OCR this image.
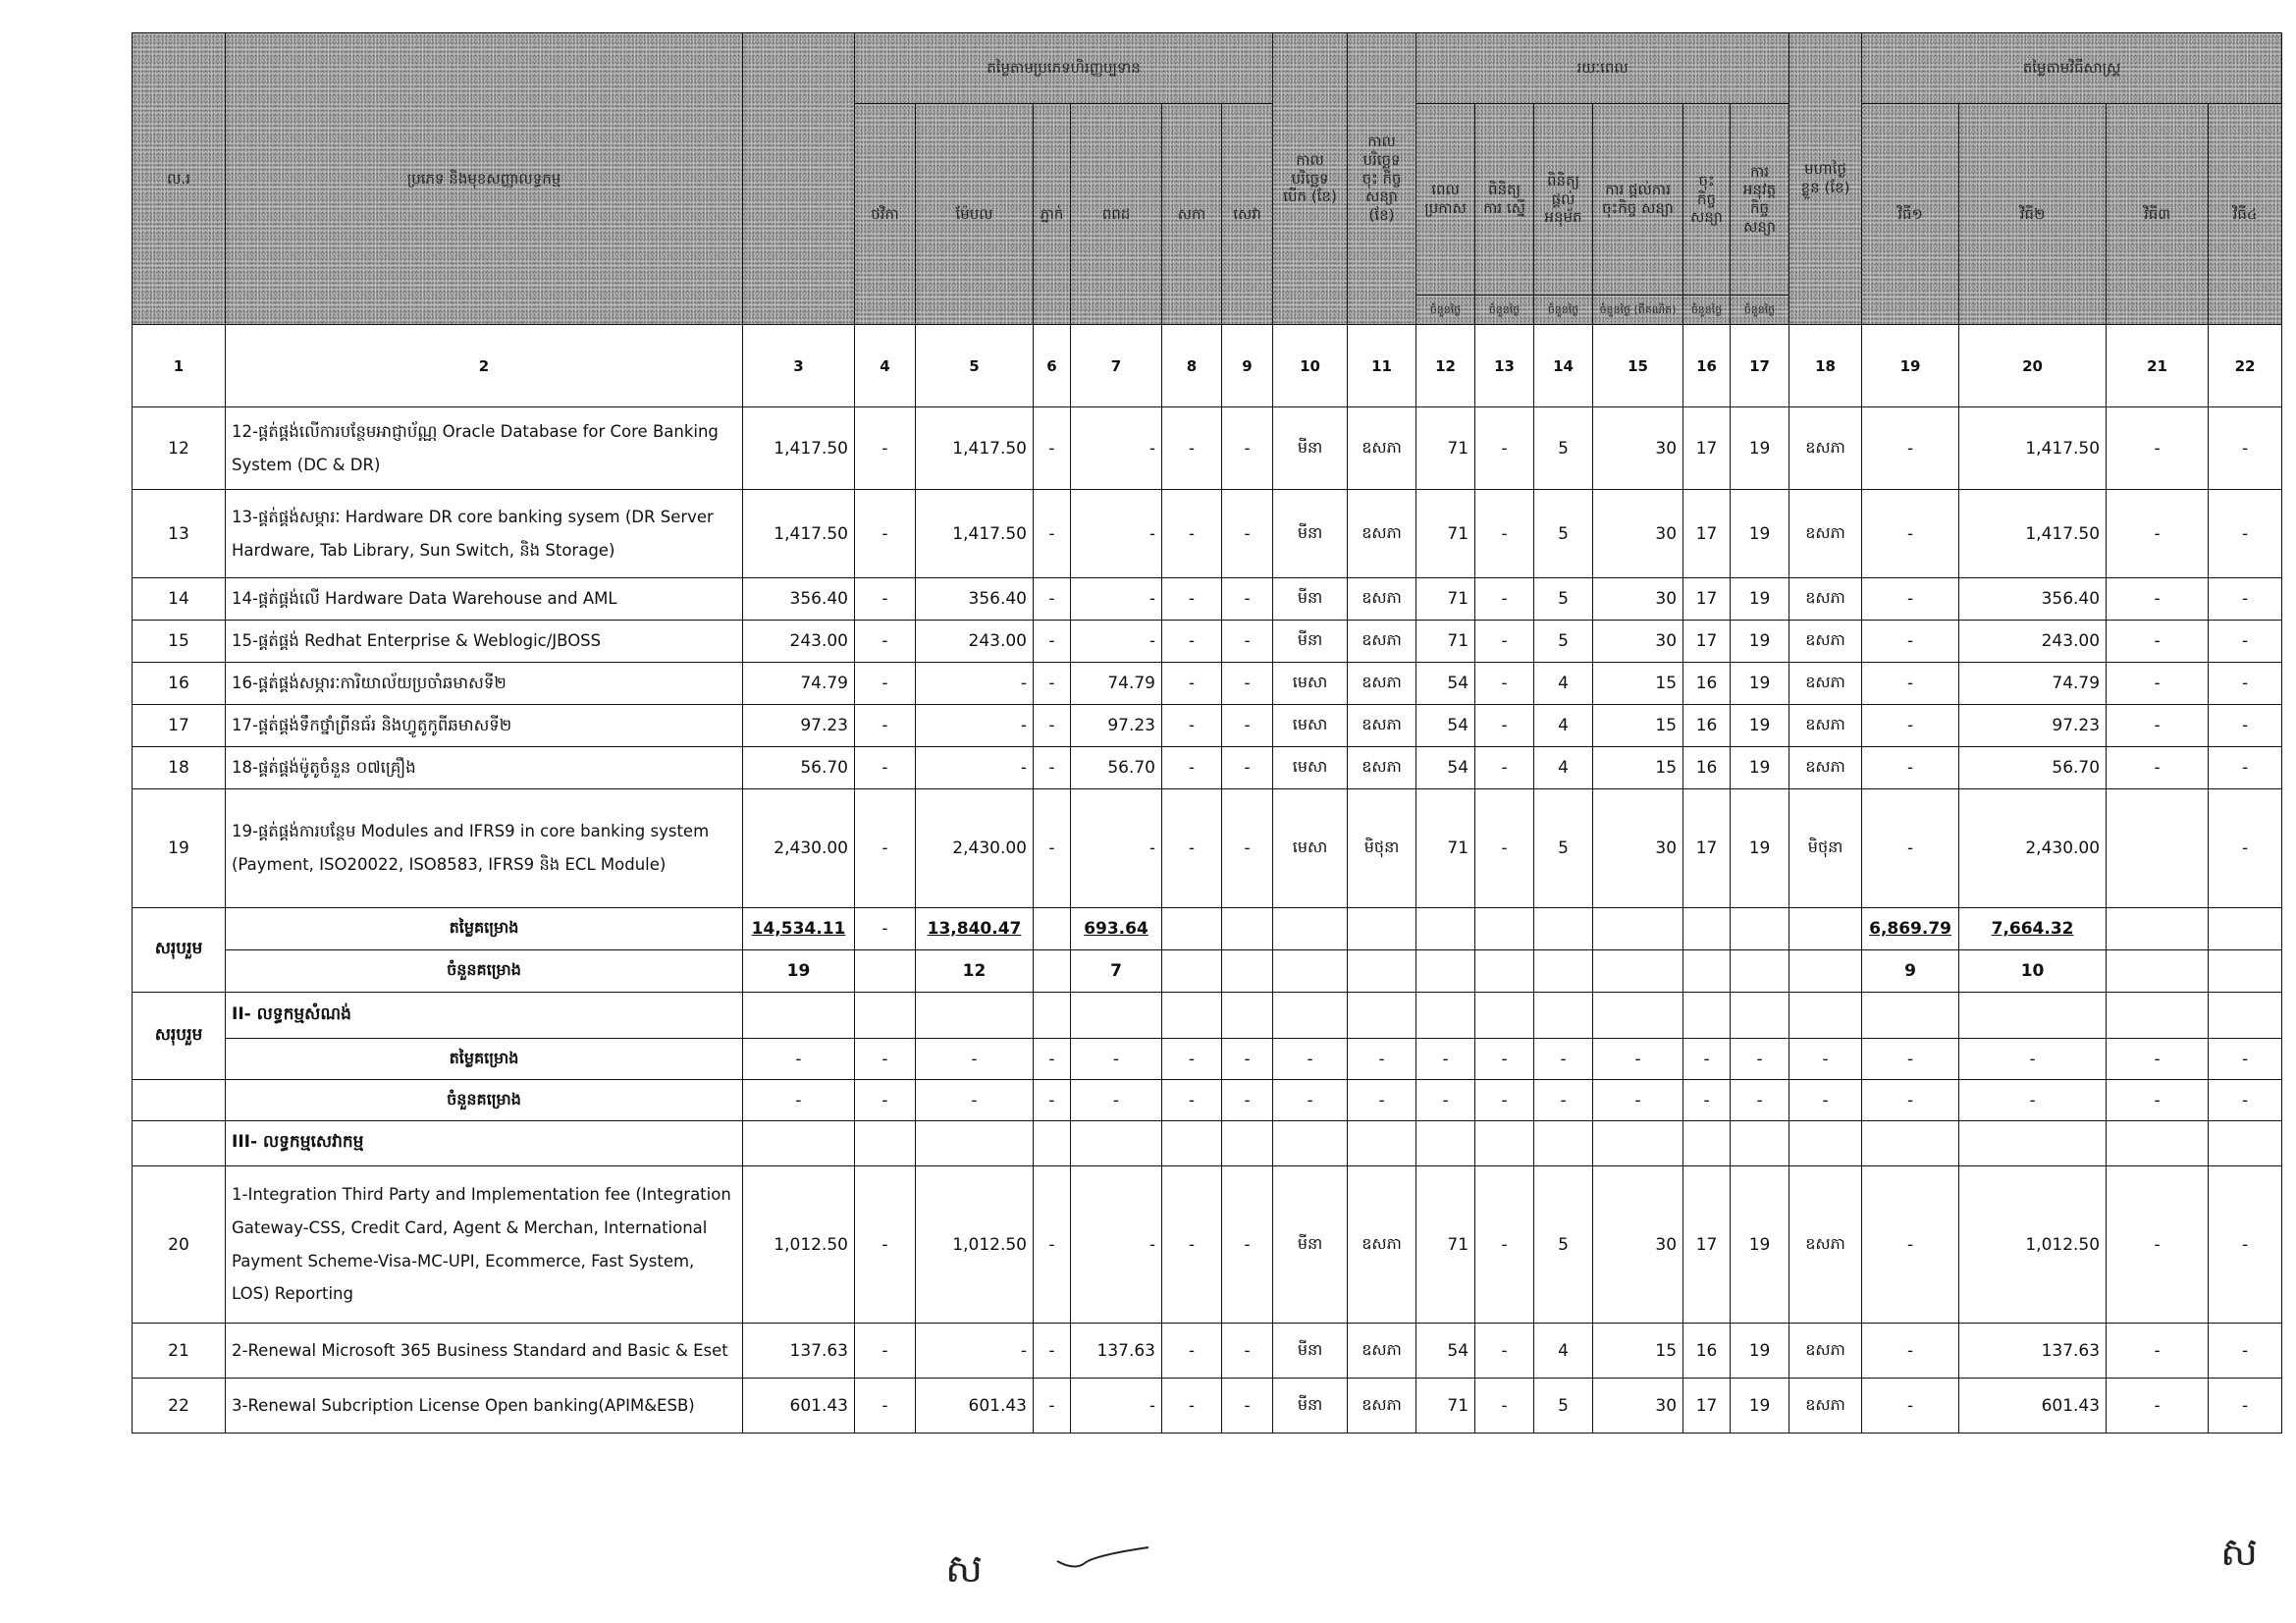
ល.រ	ប្រភេទ និងមុខសញ្ញាលទ្ធកម្ម		តម្លៃតាមប្រភេទហិរញ្ញប្បទាន						កាល បរិច្ឆេទ បើក (ខែ)	កាល បរិច្ឆេទ ចុះ កិច្ច សន្យា (ខែ)	រយៈពេល						មហាថ្ងៃ ខ្លួន (ខែ)	តម្លៃតាមវិធីសាស្ត្រ			
			ថវិកា	ម៉ែបល	ភ្នាក់	ពពដ	សកា	សេវា			ពេល ប្រកាស	ពិនិត្យ ការ ស្នើ	ពិនិត្យ ផ្តល់ អនុម័ត	ការ ផ្តល់ការ ចុះកិច្ច សន្យា	ចុះ កិច្ច សន្យា	ការ អនុវត្ត កិច្ច សន្យា		វិធី១	វិធី២	វិធី៣	វិធី៤
											ចំនួនថ្ងៃ	ចំនួនថ្ងៃ	ចំនួនថ្ងៃ	ចំនួនថ្ងៃ (ពីគណិត)	ចំនួនថ្ងៃ	ចំនួនថ្ងៃ					
1	2	3	4	5	6	7	8	9	10	11	12	13	14	15	16	17	18	19	20	21	22
12	12-ផ្គត់ផ្គង់លើការបន្ថែមអាជ្ញាប័ណ្ណ Oracle Database for Core Banking System (DC & DR)	1,417.50	-	1,417.50	-	-	-	-	មីនា	ឧសភា	71	-	5	30	17	19	ឧសភា	-	1,417.50	-	-
13	13-ផ្គត់ផ្គង់សម្ភារៈ Hardware DR core banking sysem (DR Server Hardware, Tab Library, Sun Switch, និង Storage)	1,417.50	-	1,417.50	-	-	-	-	មីនា	ឧសភា	71	-	5	30	17	19	ឧសភា	-	1,417.50	-	-
14	14-ផ្គត់ផ្គង់លើ Hardware Data Warehouse and AML	356.40	-	356.40	-	-	-	-	មីនា	ឧសភា	71	-	5	30	17	19	ឧសភា	-	356.40	-	-
15	15-ផ្គត់ផ្គង់ Redhat Enterprise & Weblogic/JBOSS	243.00	-	243.00	-	-	-	-	មីនា	ឧសភា	71	-	5	30	17	19	ឧសភា	-	243.00	-	-
16	16-ផ្គត់ផ្គង់សម្ភារៈការិយាល័យប្រចាំឆមាសទី២	74.79	-	-	-	74.79	-	-	មេសា	ឧសភា	54	-	4	15	16	19	ឧសភា	-	74.79	-	-
17	17-ផ្គត់ផ្គង់ទឹកថ្នាំព្រីនធ័រ និងហ្វូតូកូពីឆមាសទី២	97.23	-	-	-	97.23	-	-	មេសា	ឧសភា	54	-	4	15	16	19	ឧសភា	-	97.23	-	-
18	18-ផ្គត់ផ្គង់ម៉ូតូចំនួន ០៧គ្រឿង	56.70	-	-	-	56.70	-	-	មេសា	ឧសភា	54	-	4	15	16	19	ឧសភា	-	56.70	-	-
19	19-ផ្គត់ផ្គង់ការបន្ថែម Modules and IFRS9 in core banking system (Payment, ISO20022, ISO8583, IFRS9 និង ECL Module)	2,430.00	-	2,430.00	-	-	-	-	មេសា	មិថុនា	71	-	5	30	17	19	មិថុនា	-	2,430.00		-
សរុបរួម	តម្លៃគម្រោង	14,534.11	-	13,840.47		693.64												6,869.79	7,664.32		
	ចំនួនគម្រោង	19		12		7												9	10		
សរុបរួម	II- លទ្ធកម្មសំណង់																				
	តម្លៃគម្រោង	-	-	-	-	-	-	-	-	-	-	-	-	-	-	-	-	-	-	-	-
	ចំនួនគម្រោង	-	-	-	-	-	-	-	-	-	-	-	-	-	-	-	-	-	-	-	-
	III- លទ្ធកម្មសេវាកម្ម																				
20	1-Integration Third Party and Implementation fee (Integration Gateway-CSS, Credit Card, Agent & Merchan, International Payment Scheme-Visa-MC-UPI, Ecommerce, Fast System, LOS) Reporting	1,012.50	-	1,012.50	-	-	-	-	មីនា	ឧសភា	71	-	5	30	17	19	ឧសភា	-	1,012.50	-	-
21	2-Renewal Microsoft 365 Business Standard and Basic & Eset	137.63	-	-	-	137.63	-	-	មីនា	ឧសភា	54	-	4	15	16	19	ឧសភា	-	137.63	-	-
22	3-Renewal Subcription License Open banking(APIM&ESB)	601.43	-	601.43	-	-	-	-	មីនា	ឧសភា	71	-	5	30	17	19	ឧសភា	-	601.43	-	-
ស	ស
